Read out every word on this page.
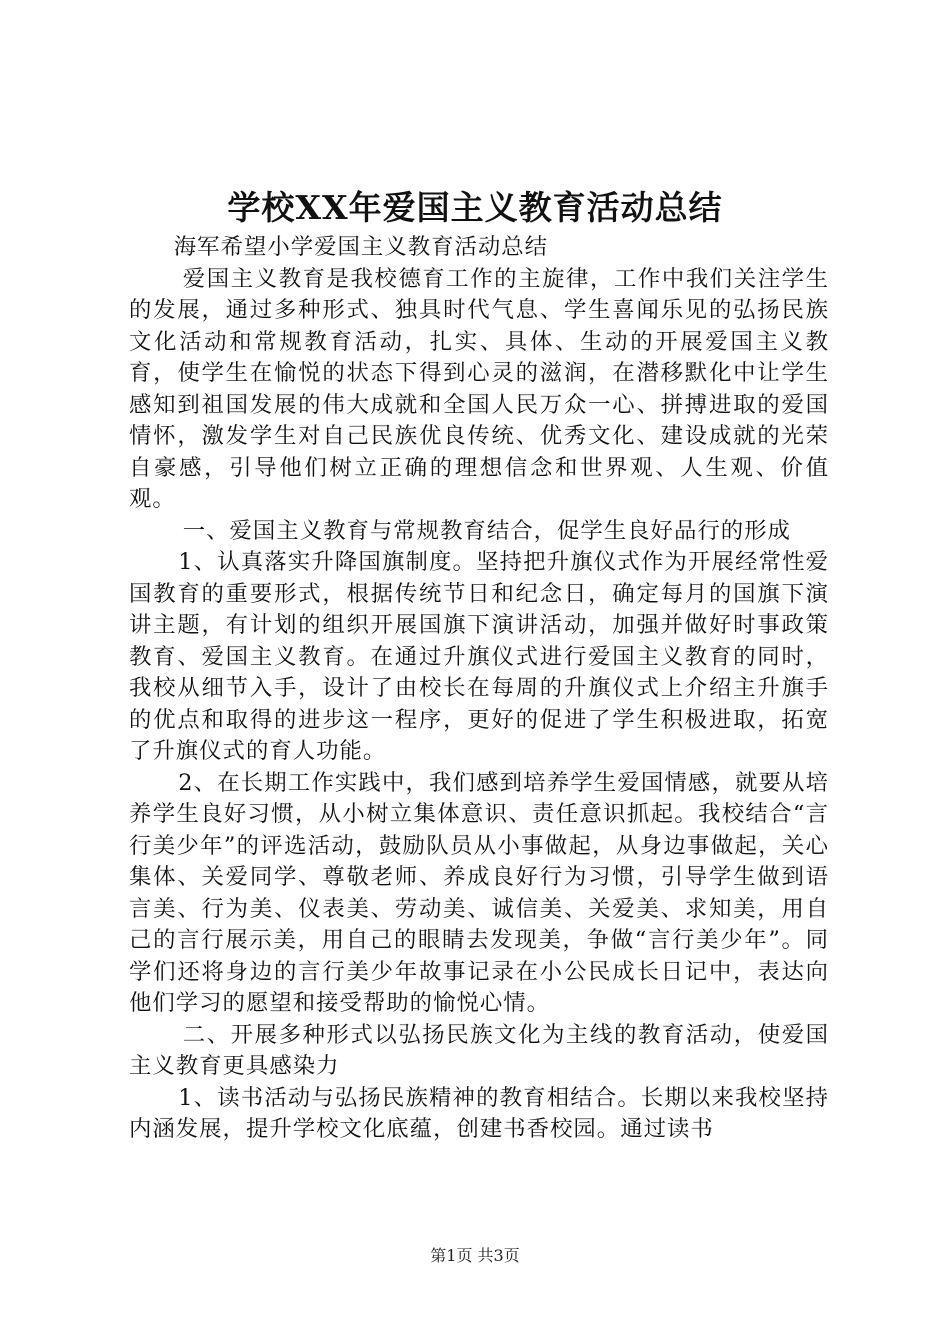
学校XX年爱国主义教育活动总结

海军希望小学爱国主义教育活动总结

爱国主义教育是我校德育工作的主旋律，工作中我们关注学生的发展，通过多种形式、独具时代气息、学生喜闻乐见的弘扬民族文化活动和常规教育活动，扎实、具体、生动的开展爱国主义教育，使学生在愉悦的状态下得到心灵的滋润，在潜移默化中让学生感知到祖国发展的伟大成就和全国人民万众一心、拼搏进取的爱国情怀，激发学生对自己民族优良传统、优秀文化、建设成就的光荣自豪感，引导他们树立正确的理想信念和世界观、人生观、价值观。

一、爱国主义教育与常规教育结合，促学生良好品行的形成

1、认真落实升降国旗制度。坚持把升旗仪式作为开展经常性爱国教育的重要形式，根据传统节日和纪念日，确定每月的国旗下演讲主题，有计划的组织开展国旗下演讲活动，加强并做好时事政策教育、爱国主义教育。在通过升旗仪式进行爱国主义教育的同时，我校从细节入手，设计了由校长在每周的升旗仪式上介绍主升旗手的优点和取得的进步这一程序，更好的促进了学生积极进取，拓宽了升旗仪式的育人功能。

2、在长期工作实践中，我们感到培养学生爱国情感，就要从培养学生良好习惯，从小树立集体意识、责任意识抓起。我校结合“言行美少年”的评选活动，鼓励队员从小事做起，从身边事做起，关心集体、关爱同学、尊敬老师、养成良好行为习惯，引导学生做到语言美、行为美、仪表美、劳动美、诚信美、关爱美、求知美，用自己的言行展示美，用自己的眼睛去发现美，争做“言行美少年”。同学们还将身边的言行美少年故事记录在小公民成长日记中，表达向他们学习的愿望和接受帮助的愉悦心情。

二、开展多种形式以弘扬民族文化为主线的教育活动，使爱国主义教育更具感染力

1、读书活动与弘扬民族精神的教育相结合。长期以来我校坚持内涵发展，提升学校文化底蕴，创建书香校园。通过读书

第1页 共3页
